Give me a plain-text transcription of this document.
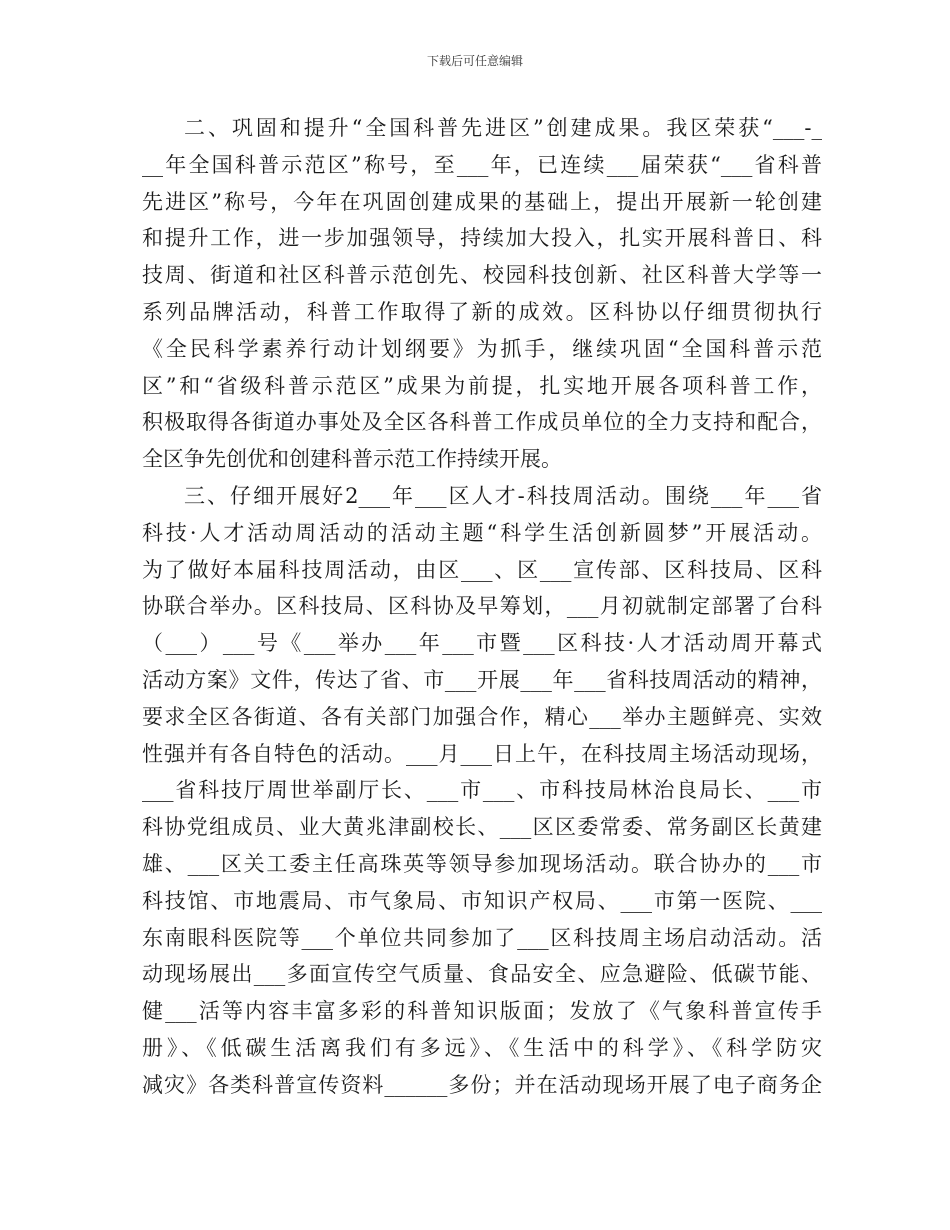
下载后可任意编辑
二、巩固和提升“全国科普先进区”创建成果。我区荣获“___-_
__年全国科普示范区”称号，至___年，已连续___届荣获“___省科普
先进区”称号，今年在巩固创建成果的基础上，提出开展新一轮创建
和提升工作，进一步加强领导，持续加大投入，扎实开展科普日、科
技周、街道和社区科普示范创先、校园科技创新、社区科普大学等一
系列品牌活动，科普工作取得了新的成效。区科协以仔细贯彻执行
《全民科学素养行动计划纲要》为抓手，继续巩固“全国科普示范
区”和“省级科普示范区”成果为前提，扎实地开展各项科普工作，
积极取得各街道办事处及全区各科普工作成员单位的全力支持和配合，
全区争先创优和创建科普示范工作持续开展。
三、仔细开展好2___年___区人才-科技周活动。围绕___年___省
科技·人才活动周活动的活动主题“科学生活创新圆梦”开展活动。
为了做好本届科技周活动，由区___、区___宣传部、区科技局、区科
协联合举办。区科技局、区科协及早筹划，___月初就制定部署了台科
（___）___号《___举办___年___市暨___区科技·人才活动周开幕式
活动方案》文件，传达了省、市___开展___年___省科技周活动的精神，
要求全区各街道、各有关部门加强合作，精心___举办主题鲜亮、实效
性强并有各自特色的活动。___月___日上午，在科技周主场活动现场，
___省科技厅周世举副厅长、___市___、市科技局林治良局长、___市
科协党组成员、业大黄兆津副校长、___区区委常委、常务副区长黄建
雄、___区关工委主任高珠英等领导参加现场活动。联合协办的___市
科技馆、市地震局、市气象局、市知识产权局、___市第一医院、___
东南眼科医院等___个单位共同参加了___区科技周主场启动活动。活
动现场展出___多面宣传空气质量、食品安全、应急避险、低碳节能、
健___活等内容丰富多彩的科普知识版面；发放了《气象科普宣传手
册》、《低碳生活离我们有多远》、《生活中的科学》、《科学防灾
减灾》各类科普宣传资料______多份；并在活动现场开展了电子商务企
